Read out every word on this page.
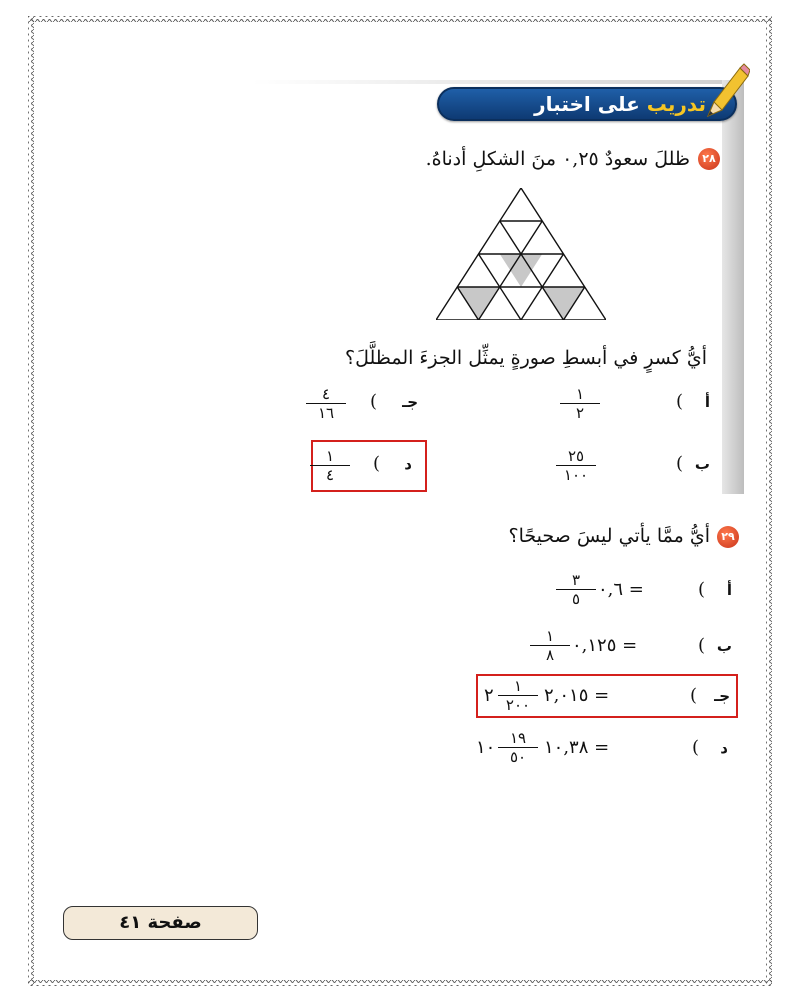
تدريب على اختبار
٢٨
ظللَ سعودٌ ٠,٢٥ منَ الشكلِ أدناهُ.
أيُّ كسرٍ في أبسطِ صورةٍ يمثِّل الجزءَ المظلَّلَ؟
أ
(
١
٢
ب
(
٢٥
١٠٠
جـ
(
٤
١٦
د
(
١
٤
٢٩
أيُّ ممَّا يأتي ليسَ صحيحًا؟
أ
(
٣
٥ ٠,٦ =
ب
(
١
٨ ٠,١٢٥ =
جـ
(
٢	١
٢٠٠ ٢,٠١٥ =
د
(
١٠ ١٩
٥٠ ١٠,٣٨ =
صفحة ٤١
